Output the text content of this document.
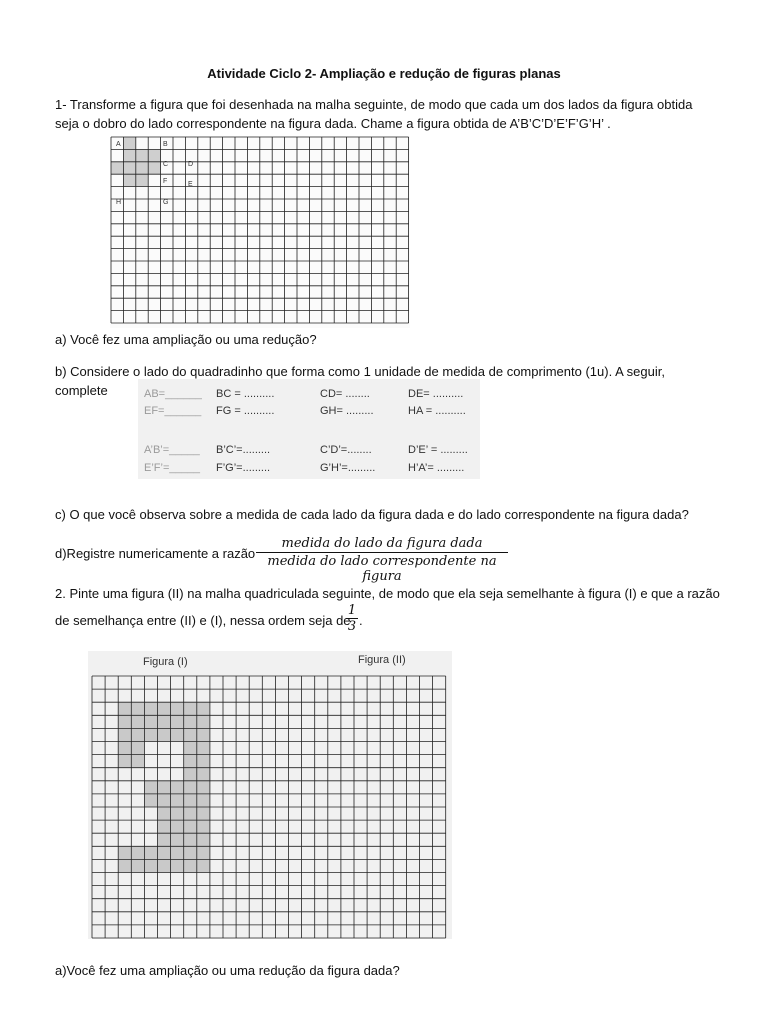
Atividade Ciclo 2- Ampliação e redução de figuras planas
1- Transforme a figura que foi desenhada na malha seguinte, de modo que cada um dos lados da figura obtida
seja o dobro do lado correspondente na figura dada. Chame a figura obtida de A’B’C’D’E’F’G’H’ .
A	B
C	D
F	E
H	G
a) Você fez uma ampliação ou uma redução?
b) Considere o lado do quadradinho que forma como 1 unidade de medida de comprimento (1u). A seguir,
complete	AB=______ BC = ..........	CD= ........	DE= ..........
EF=______ FG = ..........	GH= .........	HA = ..........
A’B’=_____ B’C’=.........	C’D’=........	D’E’ = .........
E’F’=_____ F’G’=.........	G’H’=.........	H’A’= .........
c) O que você observa sobre a medida de cada lado da figura dada e do lado correspondente na figura dada?
d)Registre numericamente a razão
medida do lado da figura dada
medida do lado correspondente na figura
2. Pinte uma figura (II) na malha quadriculada seguinte, de modo que ela seja semelhante à figura (I) e que a razão
de semelhança entre (II) e (I), nessa ordem seja de
1
3 .
Figura (I)	Figura (II)
a)Você fez uma ampliação ou uma redução da figura dada?
